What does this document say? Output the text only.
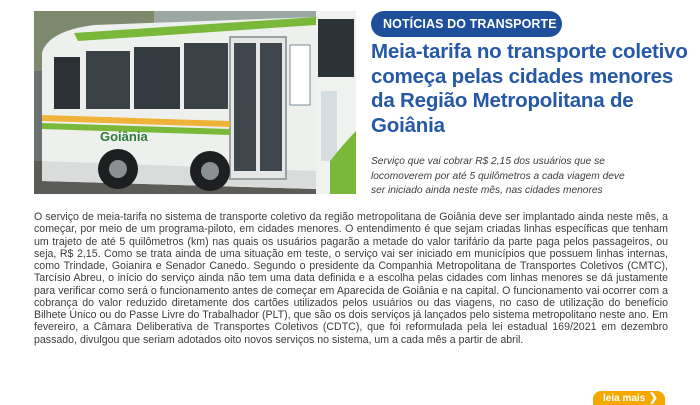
Goiânia
NOTÍCIAS DO TRANSPORTE
Meia-tarifa no transporte coletivo começa pelas cidades menores da Região Metropolitana de Goiânia

Serviço que vai cobrar R$ 2,15 dos usuários que se locomoverem por até 5 quilômetros a cada viagem deve ser iniciado ainda neste mês, nas cidades menores

O serviço de meia-tarifa no sistema de transporte coletivo da região metropolitana de Goiânia deve ser implantado ainda neste mês, a começar, por meio de um programa-piloto, em cidades menores. O entendimento é que sejam criadas linhas específicas que tenham um trajeto de até 5 quilômetros (km) nas quais os usuários pagarão a metade do valor tarifário da parte paga pelos passageiros, ou seja, R$ 2,15. Como se trata ainda de uma situação em teste, o serviço vai ser iniciado em municípios que possuem linhas internas, como Trindade, Goianira e Senador Canedo. Segundo o presidente da Companhia Metropolitana de Transportes Coletivos (CMTC), Tarcísio Abreu, o início do serviço ainda não tem uma data definida e a escolha pelas cidades com linhas menores se dá justamente para verificar como será o funcionamento antes de começar em Aparecida de Goiânia e na capital. O funcionamento vai ocorrer com a cobrança do valor reduzido diretamente dos cartões utilizados pelos usuários ou das viagens, no caso de utilização do benefício Bilhete Único ou do Passe Livre do Trabalhador (PLT), que são os dois serviços já lançados pelo sistema metropolitano neste ano. Em fevereiro, a Câmara Deliberativa de Transportes Coletivos (CDTC), que foi reformulada pela lei estadual 169/2021 em dezembro passado, divulgou que seriam adotados oito novos serviços no sistema, um a cada mês a partir de abril.

leia mais ❯
